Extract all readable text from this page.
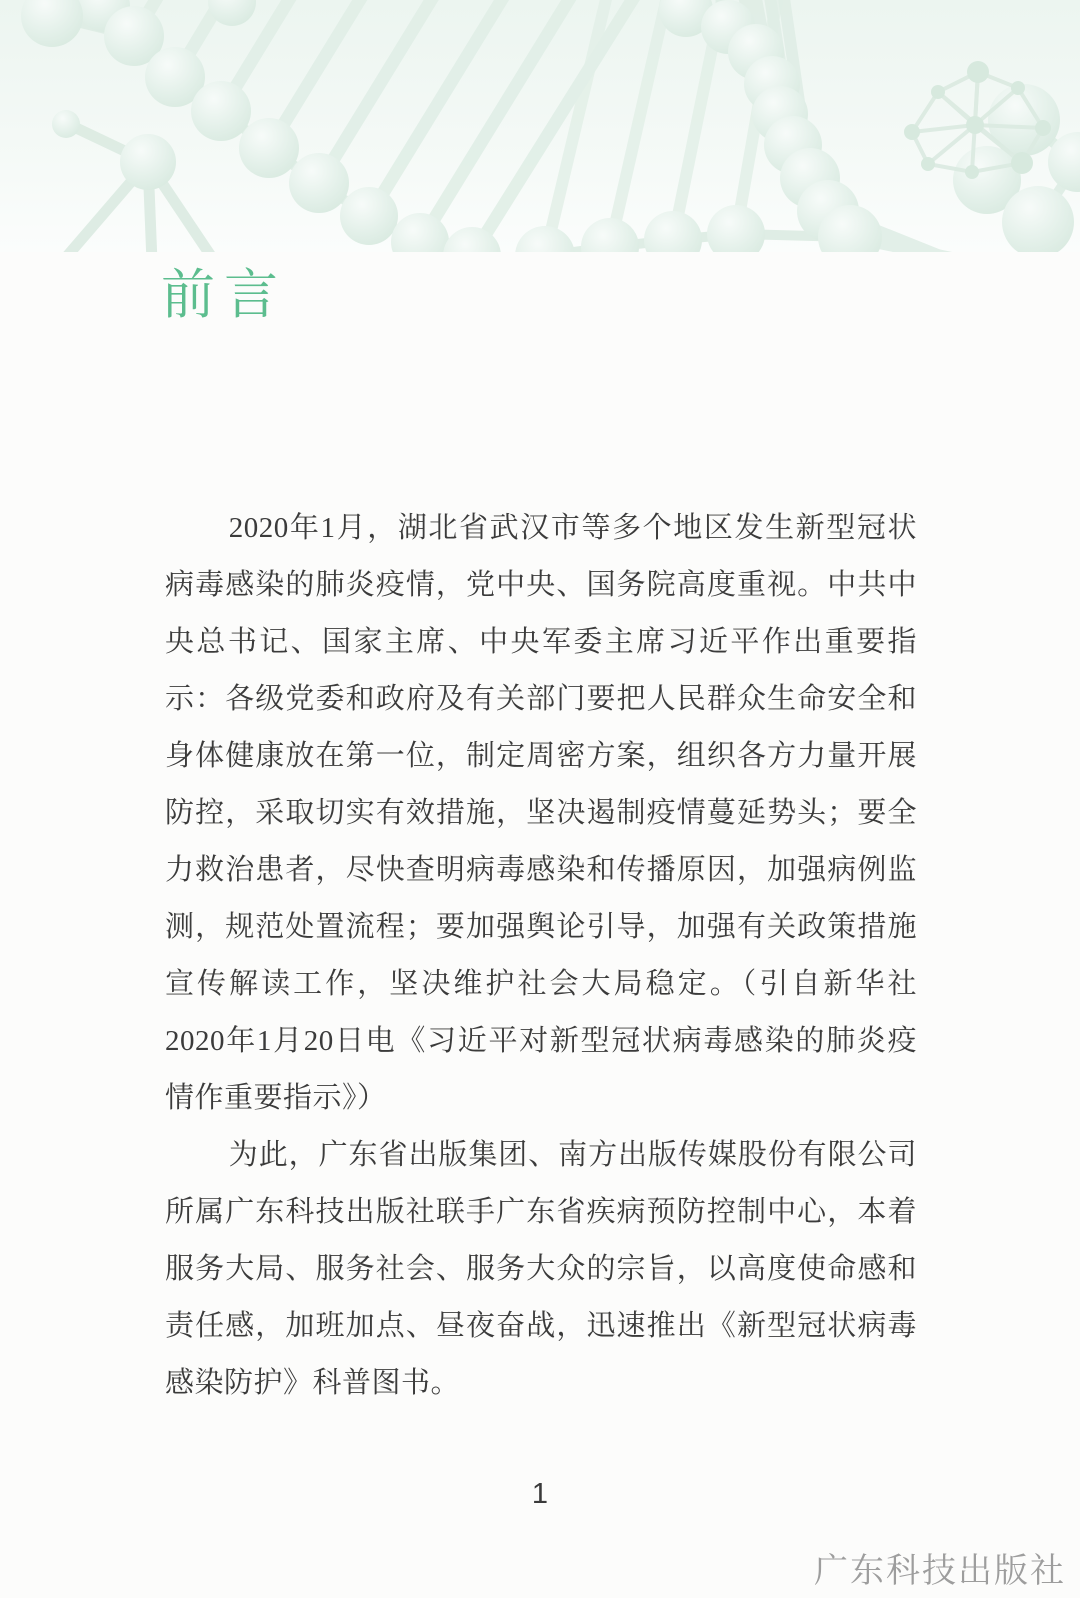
前言

2020年1月，湖北省武汉市等多个地区发生新型冠状病毒感染的肺炎疫情，党中央、国务院高度重视。中共中央总书记、国家主席、中央军委主席习近平作出重要指示：各级党委和政府及有关部门要把人民群众生命安全和身体健康放在第一位，制定周密方案，组织各方力量开展防控，采取切实有效措施，坚决遏制疫情蔓延势头；要全力救治患者，尽快查明病毒感染和传播原因，加强病例监测，规范处置流程；要加强舆论引导，加强有关政策措施宣传解读工作，坚决维护社会大局稳定。（引自新华社2020年1月20日电《习近平对新型冠状病毒感染的肺炎疫情作重要指示》）

为此，广东省出版集团、南方出版传媒股份有限公司所属广东科技出版社联手广东省疾病预防控制中心，本着服务大局、服务社会、服务大众的宗旨，以高度使命感和责任感，加班加点、昼夜奋战，迅速推出《新型冠状病毒感染防护》科普图书。

1
广东科技出版社
